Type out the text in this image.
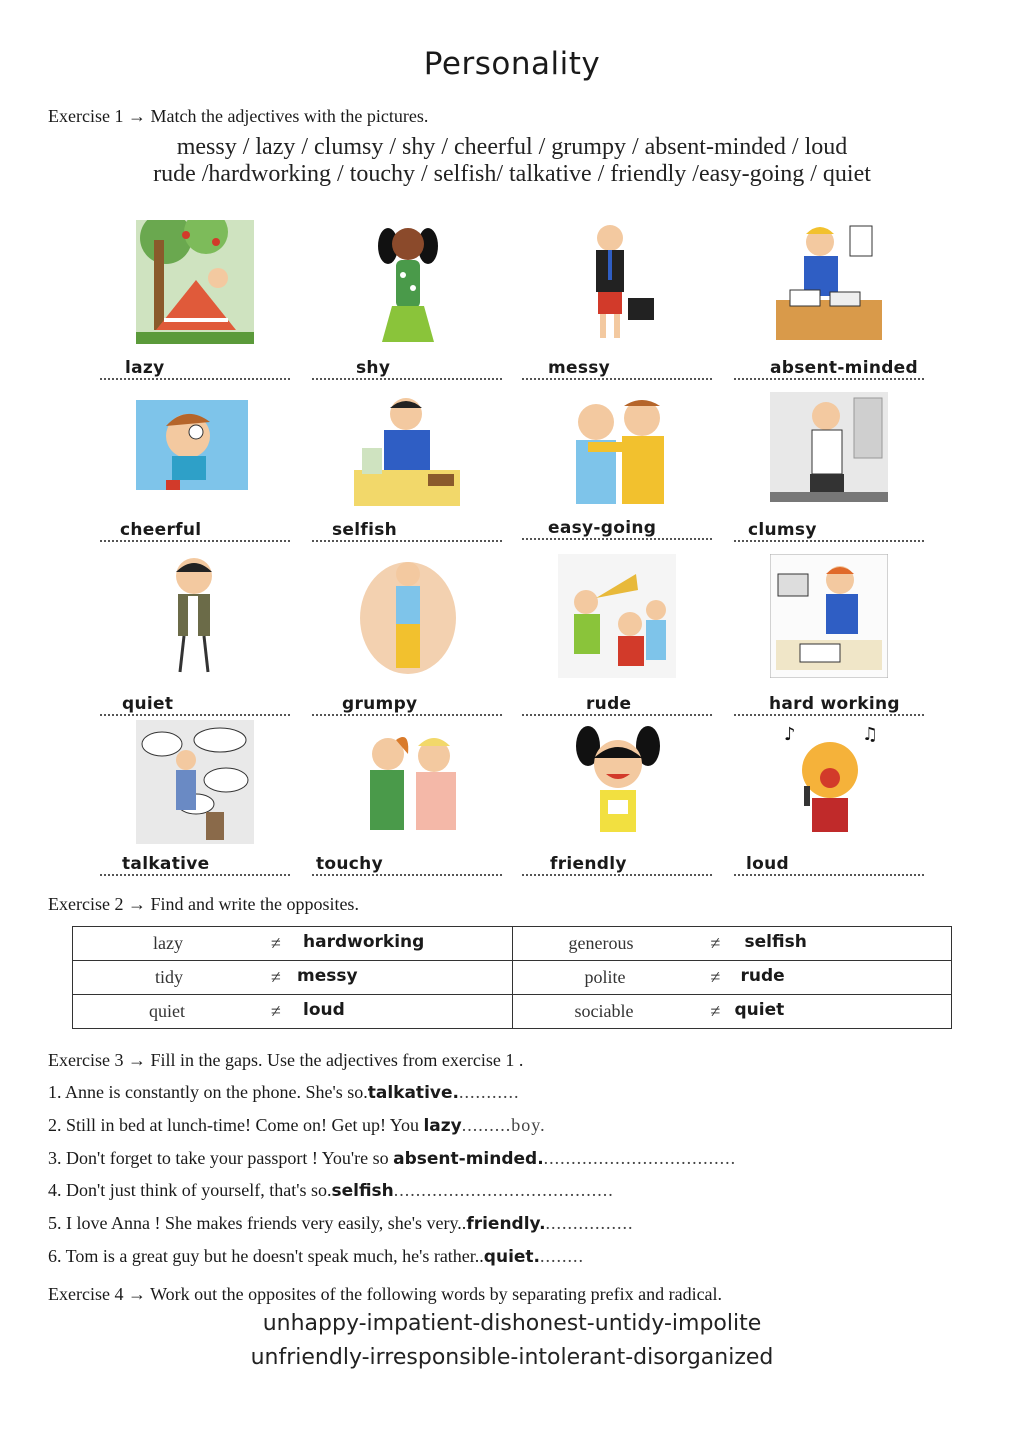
Personality
Exercise 1 → Match the adjectives with the pictures.
messy / lazy / clumsy / shy / cheerful / grumpy / absent-minded / loud
rude /hardworking / touchy / selfish/ talkative / friendly /easy-going / quiet
lazy	shy	messy	absent-minded
cheerful	selfish	easy-going	clumsy
quiet	grumpy	rude	hard working
talkative	touchy	friendly
♪	♫
loud
Exercise 2 → Find and write the opposites.
lazy ≠ hardworking	generous ≠ selfish

tidy ≠ messy	polite ≠ rude

quiet ≠ loud	sociable ≠ quiet
Exercise 3 → Fill in the gaps. Use the adjectives from exercise 1 .
1. Anne is constantly on the phone. She's so.talkative............
2. Still in bed at lunch-time! Come on! Get up! You lazy.........boy.
3. Don't forget to take your passport ! You're so absent-minded....................................
4. Don't just think of yourself, that's so.selfish........................................
5. I love Anna ! She makes friends very easily, she's very..friendly.................
6. Tom is a great guy but he doesn't speak much, he's rather..quiet.........
Exercise 4 → Work out the opposites of the following words by separating prefix and radical.
unhappy-impatient-dishonest-untidy-impolite
unfriendly-irresponsible-intolerant-disorganized
